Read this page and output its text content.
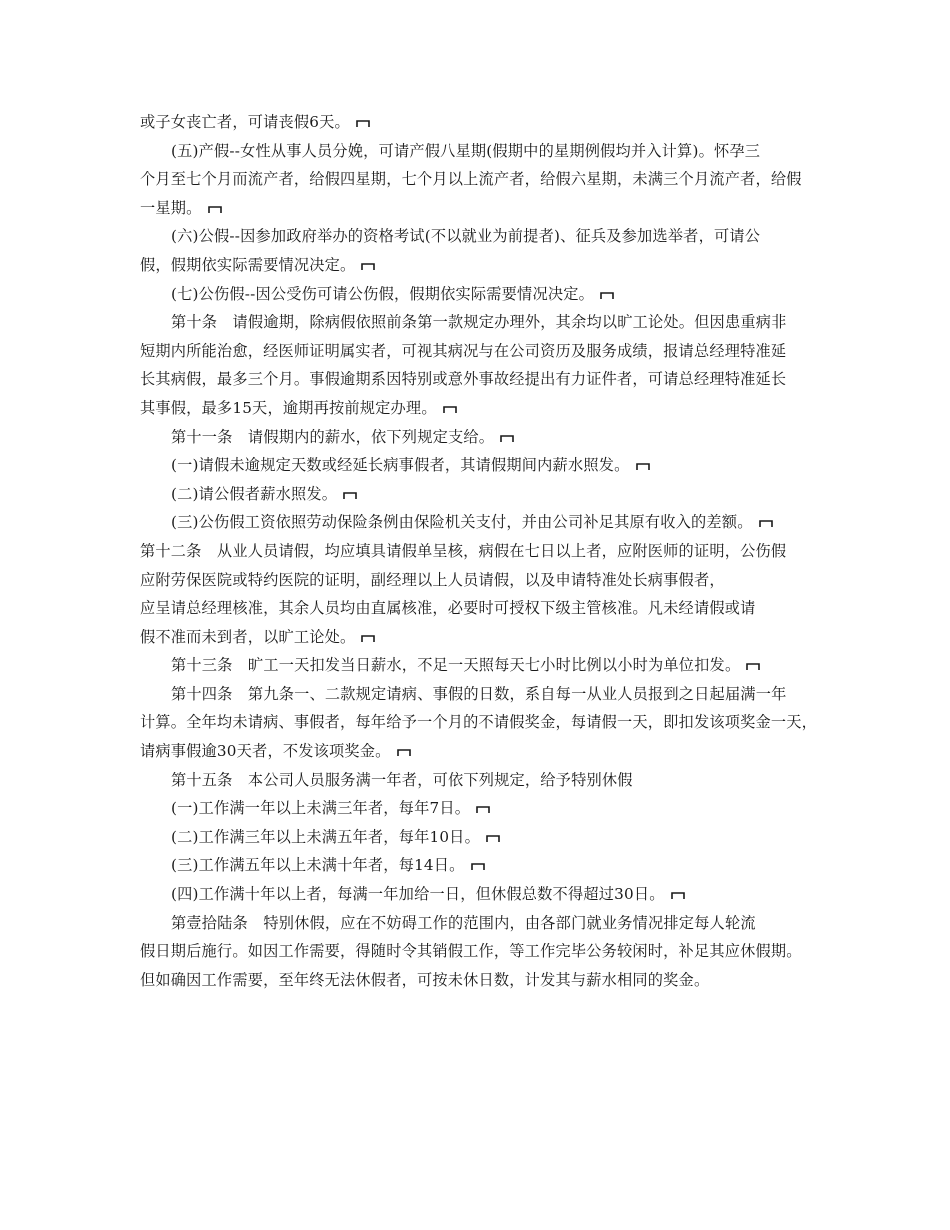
或子女丧亡者，可请丧假6天。
(五)产假--女性从事人员分娩，可请产假八星期(假期中的星期例假均并入计算)。怀孕三
个月至七个月而流产者，给假四星期，七个月以上流产者，给假六星期，未满三个月流产者，给假
一星期。
(六)公假--因参加政府举办的资格考试(不以就业为前提者)、征兵及参加选举者，可请公
假，假期依实际需要情况决定。
(七)公伤假--因公受伤可请公伤假，假期依实际需要情况决定。
第十条　请假逾期，除病假依照前条第一款规定办理外，其余均以旷工论处。但因患重病非
短期内所能治愈，经医师证明属实者，可视其病况与在公司资历及服务成绩，报请总经理特准延
长其病假，最多三个月。事假逾期系因特别或意外事故经提出有力证件者，可请总经理特准延长
其事假，最多15天，逾期再按前规定办理。
第十一条　请假期内的薪水，依下列规定支给。
(一)请假未逾规定天数或经延长病事假者，其请假期间内薪水照发。
(二)请公假者薪水照发。
(三)公伤假工资依照劳动保险条例由保险机关支付，并由公司补足其原有收入的差额。
第十二条　从业人员请假，均应填具请假单呈核，病假在七日以上者，应附医师的证明，公伤假
应附劳保医院或特约医院的证明，副经理以上人员请假，以及申请特准处长病事假者，
应呈请总经理核准，其余人员均由直属核准，必要时可授权下级主管核准。凡未经请假或请
假不准而未到者，以旷工论处。
第十三条　旷工一天扣发当日薪水，不足一天照每天七小时比例以小时为单位扣发。
第十四条　第九条一、二款规定请病、事假的日数，系自每一从业人员报到之日起届满一年
计算。全年均未请病、事假者，每年给予一个月的不请假奖金，每请假一天，即扣发该项奖金一天，
请病事假逾30天者，不发该项奖金。
第十五条　本公司人员服务满一年者，可依下列规定，给予特别休假
(一)工作满一年以上未满三年者，每年7日。
(二)工作满三年以上未满五年者，每年10日。
(三)工作满五年以上未满十年者，每14日。
(四)工作满十年以上者，每满一年加给一日，但休假总数不得超过30日。
第壹拾陆条　特别休假，应在不妨碍工作的范围内，由各部门就业务情况排定每人轮流
假日期后施行。如因工作需要，得随时令其销假工作，等工作完毕公务较闲时，补足其应休假期。
但如确因工作需要，至年终无法休假者，可按未休日数，计发其与薪水相同的奖金。
